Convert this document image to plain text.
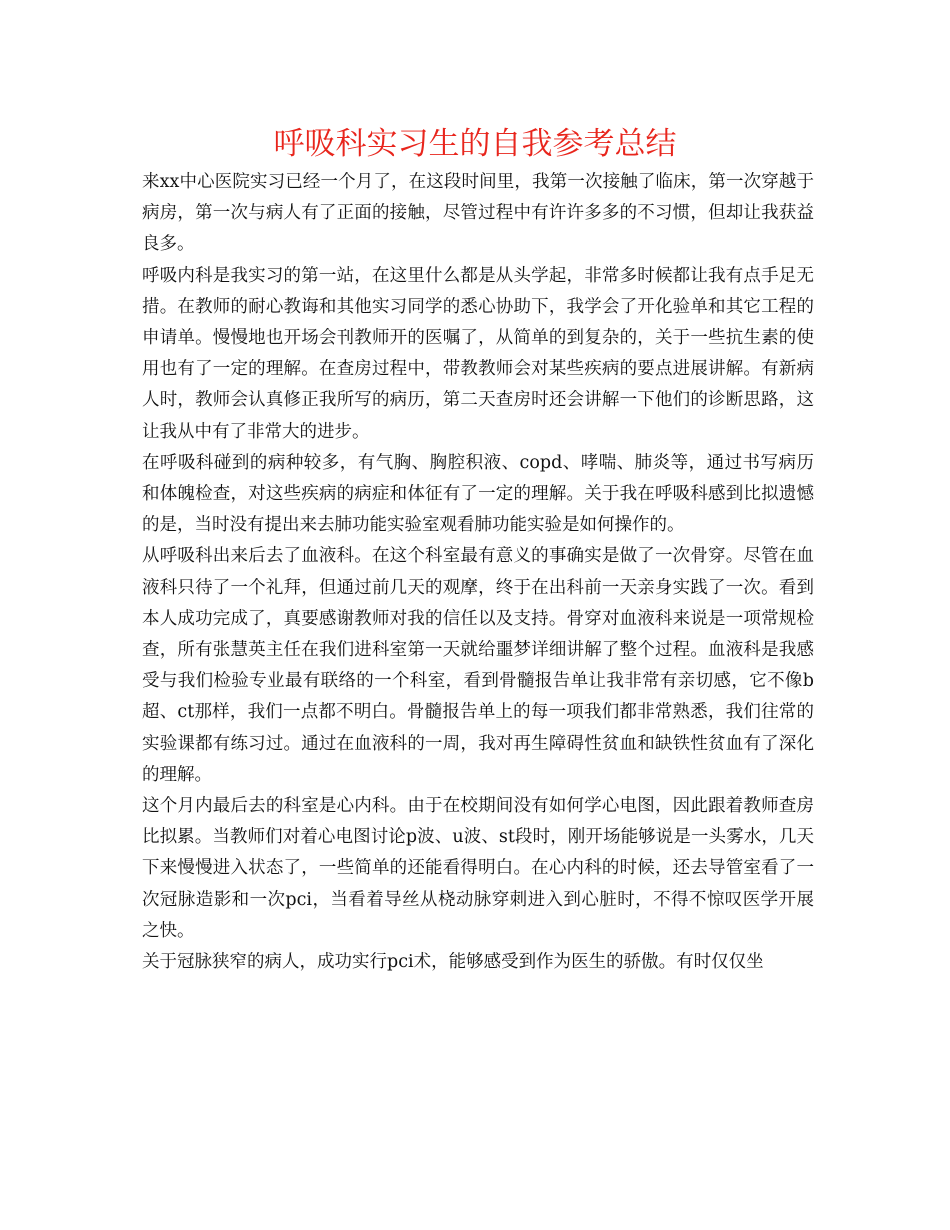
呼吸科实习生的自我参考总结

来xx中心医院实习已经一个月了，在这段时间里，我第一次接触了临床，第一次穿越于病房，第一次与病人有了正面的接触，尽管过程中有许许多多的不习惯，但却让我获益良多。

呼吸内科是我实习的第一站，在这里什么都是从头学起，非常多时候都让我有点手足无措。在教师的耐心教诲和其他实习同学的悉心协助下，我学会了开化验单和其它工程的申请单。慢慢地也开场会刊教师开的医嘱了，从简单的到复杂的，关于一些抗生素的使用也有了一定的理解。在查房过程中，带教教师会对某些疾病的要点进展讲解。有新病人时，教师会认真修正我所写的病历，第二天查房时还会讲解一下他们的诊断思路，这让我从中有了非常大的进步。

在呼吸科碰到的病种较多，有气胸、胸腔积液、copd、哮喘、肺炎等，通过书写病历和体魄检查，对这些疾病的病症和体征有了一定的理解。关于我在呼吸科感到比拟遗憾的是，当时没有提出来去肺功能实验室观看肺功能实验是如何操作的。

从呼吸科出来后去了血液科。在这个科室最有意义的事确实是做了一次骨穿。尽管在血液科只待了一个礼拜，但通过前几天的观摩，终于在出科前一天亲身实践了一次。看到本人成功完成了，真要感谢教师对我的信任以及支持。骨穿对血液科来说是一项常规检查，所有张慧英主任在我们进科室第一天就给噩梦详细讲解了整个过程。血液科是我感受与我们检验专业最有联络的一个科室，看到骨髓报告单让我非常有亲切感，它不像b超、ct那样，我们一点都不明白。骨髓报告单上的每一项我们都非常熟悉，我们往常的实验课都有练习过。通过在血液科的一周，我对再生障碍性贫血和缺铁性贫血有了深化的理解。

这个月内最后去的科室是心内科。由于在校期间没有如何学心电图，因此跟着教师查房比拟累。当教师们对着心电图讨论p波、u波、st段时，刚开场能够说是一头雾水，几天下来慢慢进入状态了，一些简单的还能看得明白。在心内科的时候，还去导管室看了一次冠脉造影和一次pci，当看着导丝从桡动脉穿刺进入到心脏时，不得不惊叹医学开展之快。

关于冠脉狭窄的病人，成功实行pci术，能够感受到作为医生的骄傲。有时仅仅坐
